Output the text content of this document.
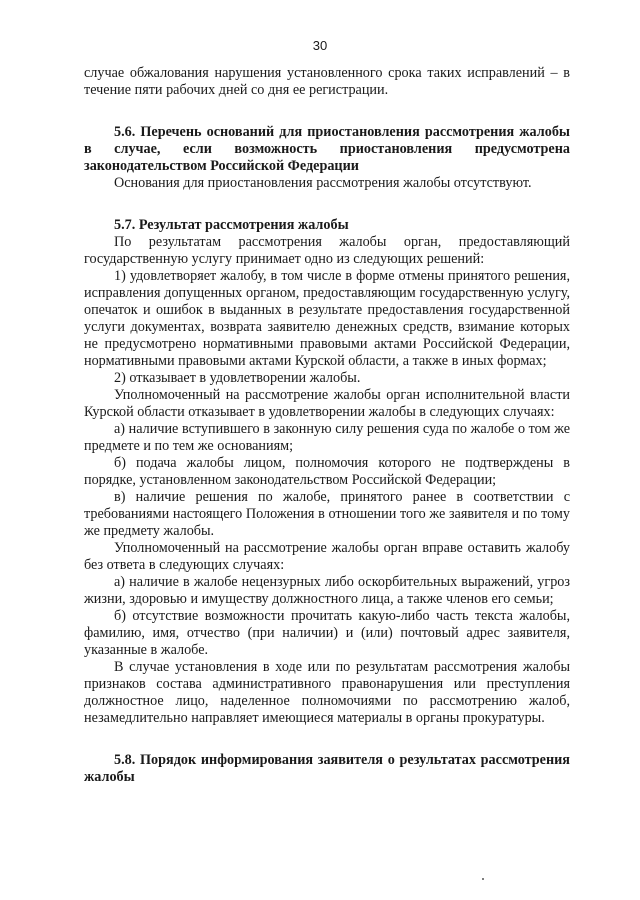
30

случае обжалования нарушения установленного срока таких исправлений – в течение пяти рабочих дней со дня ее регистрации.

5.6. Перечень оснований для приостановления рассмотрения жалобы в случае, если возможность приостановления предусмотрена законодательством Российской Федерации

Основания для приостановления рассмотрения жалобы отсутствуют.

5.7. Результат рассмотрения жалобы

По результатам рассмотрения жалобы орган, предоставляющий государственную услугу принимает одно из следующих решений:

1) удовлетворяет жалобу, в том числе в форме отмены принятого решения, исправления допущенных органом, предоставляющим государственную услугу, опечаток и ошибок в выданных в результате предоставления государственной услуги документах, возврата заявителю денежных средств, взимание которых не предусмотрено нормативными правовыми актами Российской Федерации, нормативными правовыми актами Курской области, а также в иных формах;

2) отказывает в удовлетворении жалобы.

Уполномоченный на рассмотрение жалобы орган исполнительной власти Курской области отказывает в удовлетворении жалобы в следующих случаях:

а) наличие вступившего в законную силу решения суда по жалобе о том же предмете и по тем же основаниям;

б) подача жалобы лицом, полномочия которого не подтверждены в порядке, установленном законодательством Российской Федерации;

в) наличие решения по жалобе, принятого ранее в соответствии с требованиями настоящего Положения в отношении того же заявителя и по тому же предмету жалобы.

Уполномоченный на рассмотрение жалобы орган вправе оставить жалобу без ответа в следующих случаях:

а) наличие в жалобе нецензурных либо оскорбительных выражений, угроз жизни, здоровью и имуществу должностного лица, а также членов его семьи;

б) отсутствие возможности прочитать какую-либо часть текста жалобы, фамилию, имя, отчество (при наличии) и (или) почтовый адрес заявителя, указанные в жалобе.

В случае установления в ходе или по результатам рассмотрения жалобы признаков состава административного правонарушения или преступления должностное лицо, наделенное полномочиями по рассмотрению жалоб, незамедлительно направляет имеющиеся материалы в органы прокуратуры.

5.8. Порядок информирования заявителя о результатах рассмотрения жалобы
